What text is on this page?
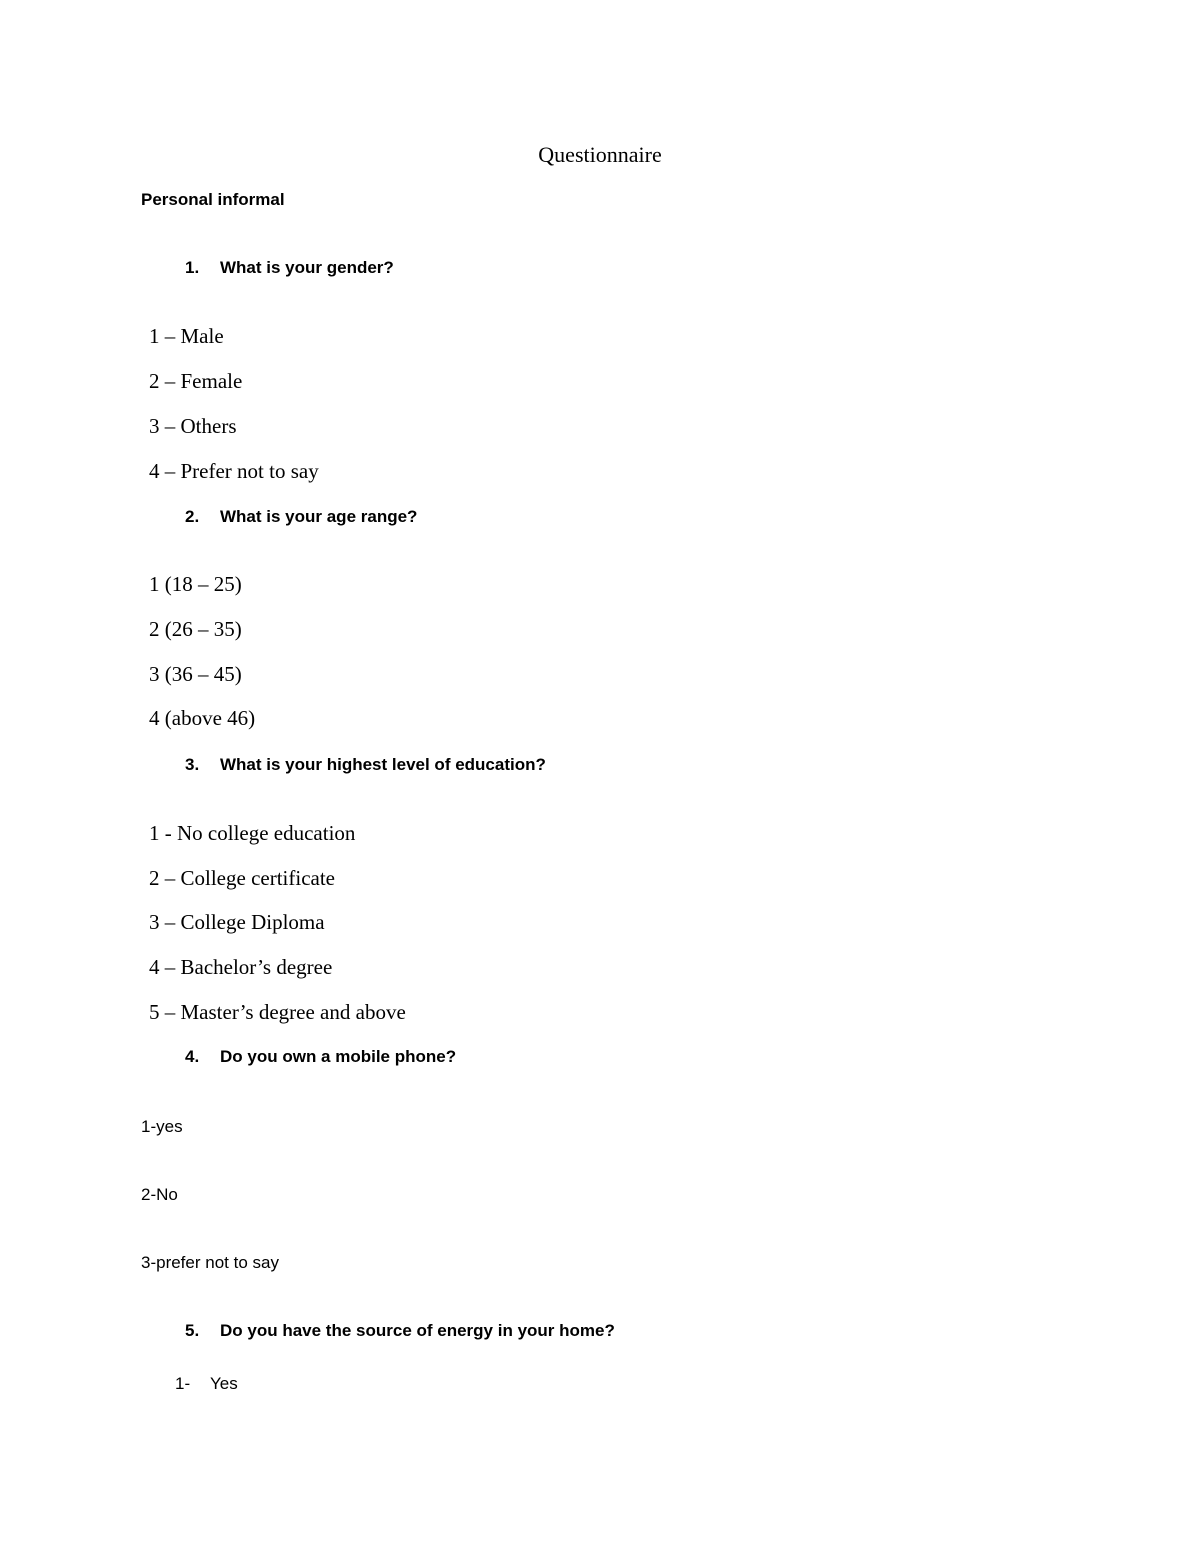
Questionnaire
Personal informal
1. What is your gender?
1 – Male
2 – Female
3 – Others
4 – Prefer not to say
2. What is your age range?
1 (18 – 25)
2 (26 – 35)
3 (36 – 45)
4 (above 46)
3. What is your highest level of education?
1 - No college education
2 – College certificate
3 – College Diploma
4 – Bachelor’s degree
5 – Master’s degree and above
4. Do you own a mobile phone?
1-yes
2-No
3-prefer not to say
5. Do you have the source of energy in your home?
1- Yes
